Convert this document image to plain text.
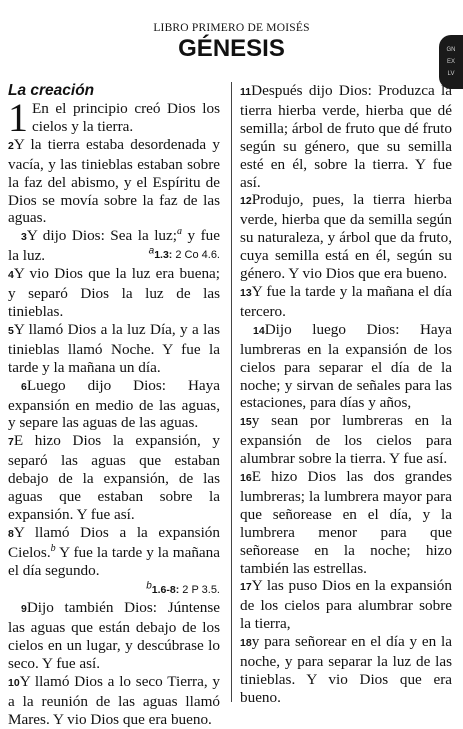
LIBRO PRIMERO DE MOISÉS
GÉNESIS	GN
EX
LV
La creación

1 En el principio creó Dios los cielos y la tierra.

2Y la tierra estaba desordenada y vacía, y las tinieblas estaban sobre la faz del abismo, y el Espíritu de Dios se movía sobre la faz de las aguas.

3Y dijo Dios: Sea la luz;$^a$ y fue la luz.	a1.3: 2 Co 4.6.

4Y vio Dios que la luz era buena; y separó Dios la luz de las tinieblas.

5Y llamó Dios a la luz Día, y a las tinieblas llamó Noche. Y fue la tarde y la mañana un día.

6Luego dijo Dios: Haya expansión en medio de las aguas, y separe las aguas de las aguas.

7E hizo Dios la expansión, y separó las aguas que estaban debajo de la expansión, de las aguas que estaban sobre la expansión. Y fue así.

8Y llamó Dios a la expansión Cielos.$^b$ Y fue la tarde y la mañana el día segundo.

b1.6-8: 2 P 3.5.

9Dijo también Dios: Júntense las aguas que están debajo de los cielos en un lugar, y descúbrase lo seco. Y fue así.

10Y llamó Dios a lo seco Tierra, y a la reunión de las aguas llamó Mares. Y vio Dios que era bueno.

11Después dijo Dios: Produzca la tierra hierba verde, hierba que dé semilla; árbol de fruto que dé fruto según su género, que su semilla esté en él, sobre la tierra. Y fue así.

12Produjo, pues, la tierra hierba verde, hierba que da semilla según su naturaleza, y árbol que da fruto, cuya semilla está en él, según su género. Y vio Dios que era bueno.

13Y fue la tarde y la mañana el día tercero.

14Dijo luego Dios: Haya lumbreras en la expansión de los cielos para separar el día de la noche; y sirvan de señales para las estaciones, para días y años,

15y sean por lumbreras en la expansión de los cielos para alumbrar sobre la tierra. Y fue así.

16E hizo Dios las dos grandes lumbreras; la lumbrera mayor para que señorease en el día, y la lumbrera menor para que señorease en la noche; hizo también las estrellas.

17Y las puso Dios en la expansión de los cielos para alumbrar sobre la tierra,

18y para señorear en el día y en la noche, y para separar la luz de las tinieblas. Y vio Dios que era bueno.
